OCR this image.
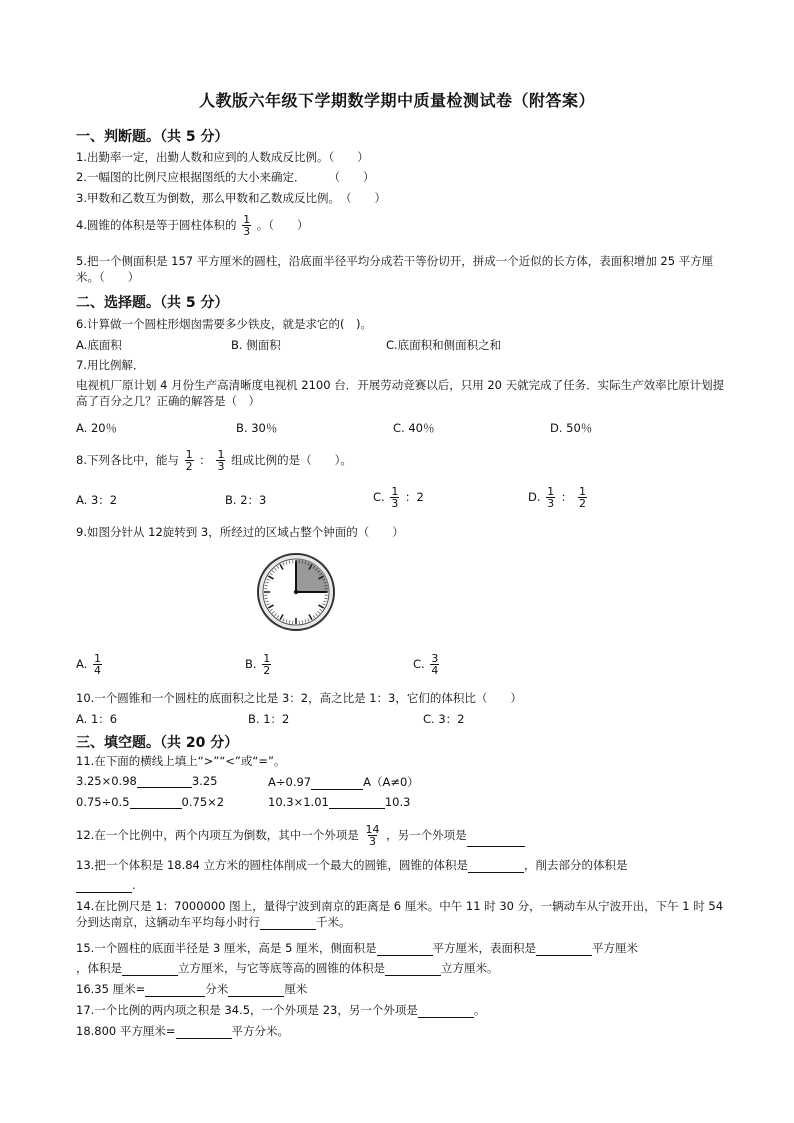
人教版六年级下学期数学期中质量检测试卷（附答案）
一、判断题。（共 5 分）
1.出勤率一定，出勤人数和应到的人数成反比例。（　　）
2.一幅图的比例尺应根据图纸的大小来确定．　　　（　　）
3.甲数和乙数互为倒数，那么甲数和乙数成反比例。　（　　）
4.圆锥的体积是等于圆柱体积的 $\frac{1}{3}$ 。（　　）
5.把一个侧面积是 157 平方厘米的圆柱，沿底面半径平均分成若干等份切开，拼成一个近似的长方体，表面积增加 25 平方厘米。（　　）
二、选择题。（共 5 分）
6.计算做一个圆柱形烟囱需要多少铁皮，就是求它的(　)。
A.底面积	B. 侧面积	C.底面积和侧面积之和
7.用比例解．
电视机厂原计划 4 月份生产高清晰度电视机 2100 台．开展劳动竞赛以后，只用 20 天就完成了任务．实际生产效率比原计划提高了百分之几？正确的解答是（　）
A. 20％	B. 30％	C. 40％	D. 50％
8.下列各比中，能与 $\frac{1}{2}$ ： $\frac{1}{3}$ 组成比例的是（　　）。
A. 3：2	B. 2：3	C. $\frac{1}{3}$ ：2	D. $\frac{1}{3}$ ： $\frac{1}{2}$
9.如图分针从 12旋转到 3，所经过的区域占整个钟面的（　　）
A. $\frac{1}{4}$	B. $\frac{1}{2}$	C. $\frac{3}{4}$
10.一个圆锥和一个圆柱的底面积之比是 3：2，高之比是 1：3，它们的体积比（　　）
A. 1：6	B. 1：2	C. 3：2
三、填空题。（共 20 分）
11.在下面的横线上填上“>”“<”或“=”。
3.25×0.98	3.25	A÷0.97	A（A≠0）
0.75÷0.5	0.75×2	10.3×1.01	10.3
12.在一个比例中，两个内项互为倒数，其中一个外项是 $\frac{14}{3}$ ，另一个外项是
13.把一个体积是 18.84 立方米的圆柱体削成一个最大的圆锥，圆锥的体积是	，削去部分的体积是
.
14.在比例尺是 1：7000000 图上，量得宁波到南京的距离是 6 厘米。中午 11 时 30 分，一辆动车从宁波开出，下午 1 时 54 分到达南京，这辆动车平均每小时行	千米。
15.一个圆柱的底面半径是 3 厘米，高是 5 厘米，侧面积是	平方厘米，表面积是	平方厘米
，体积是	立方厘米，与它等底等高的圆锥的体积是	立方厘米。
16.35 厘米=	分米	厘米
17.一个比例的两内项之积是 34.5，一个外项是 23，另一个外项是	。
18.800 平方厘米=	平方分米。
